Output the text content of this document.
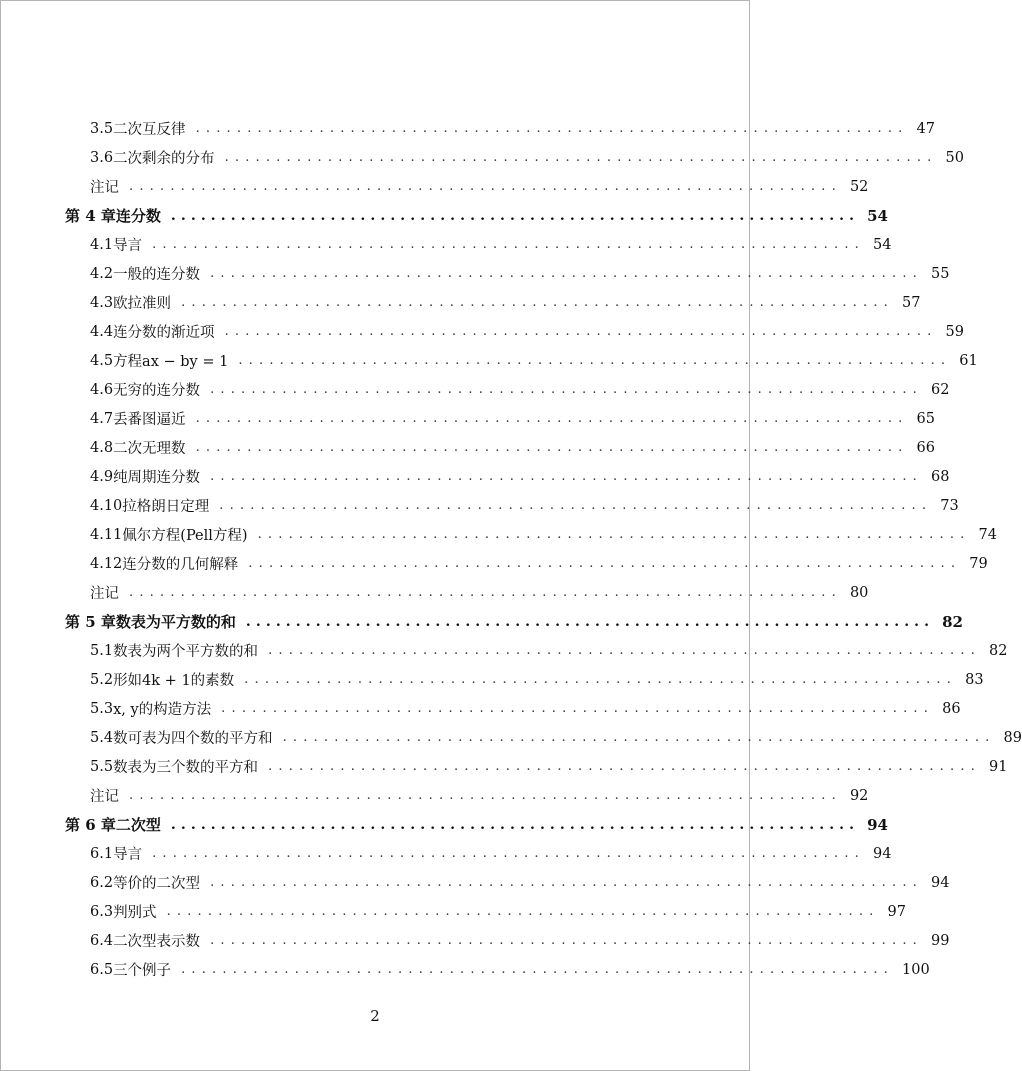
3.5 二次互反律 ..................................................................... 47
3.6 二次剩余的分布 ..................................................................... 50
注记 ..................................................................... 52
第 4 章 连分数 ..................................................................... 54
4.1 导言 ..................................................................... 54
4.2 一般的连分数 ..................................................................... 55
4.3 欧拉准则 ..................................................................... 57
4.4 连分数的渐近项 ..................................................................... 59
4.5 方程ax − by = 1 ..................................................................... 61
4.6 无穷的连分数 ..................................................................... 62
4.7 丢番图逼近 ..................................................................... 65
4.8 二次无理数 ..................................................................... 66
4.9 纯周期连分数 ..................................................................... 68
4.10 拉格朗日定理 ..................................................................... 73
4.11 佩尔方程(Pell方程) ..................................................................... 74
4.12 连分数的几何解释 ..................................................................... 79
注记 ..................................................................... 80
第 5 章 数表为平方数的和 ..................................................................... 82
5.1 数表为两个平方数的和 ..................................................................... 82
5.2 形如4k + 1的素数 ..................................................................... 83
5.3 x, y的构造方法 ..................................................................... 86
5.4 数可表为四个数的平方和 ..................................................................... 89
5.5 数表为三个数的平方和 ..................................................................... 91
注记 ..................................................................... 92
第 6 章 二次型 ..................................................................... 94
6.1 导言 ..................................................................... 94
6.2 等价的二次型 ..................................................................... 94
6.3 判别式 ..................................................................... 97
6.4 二次型表示数 ..................................................................... 99
6.5 三个例子 ..................................................................... 100
2
